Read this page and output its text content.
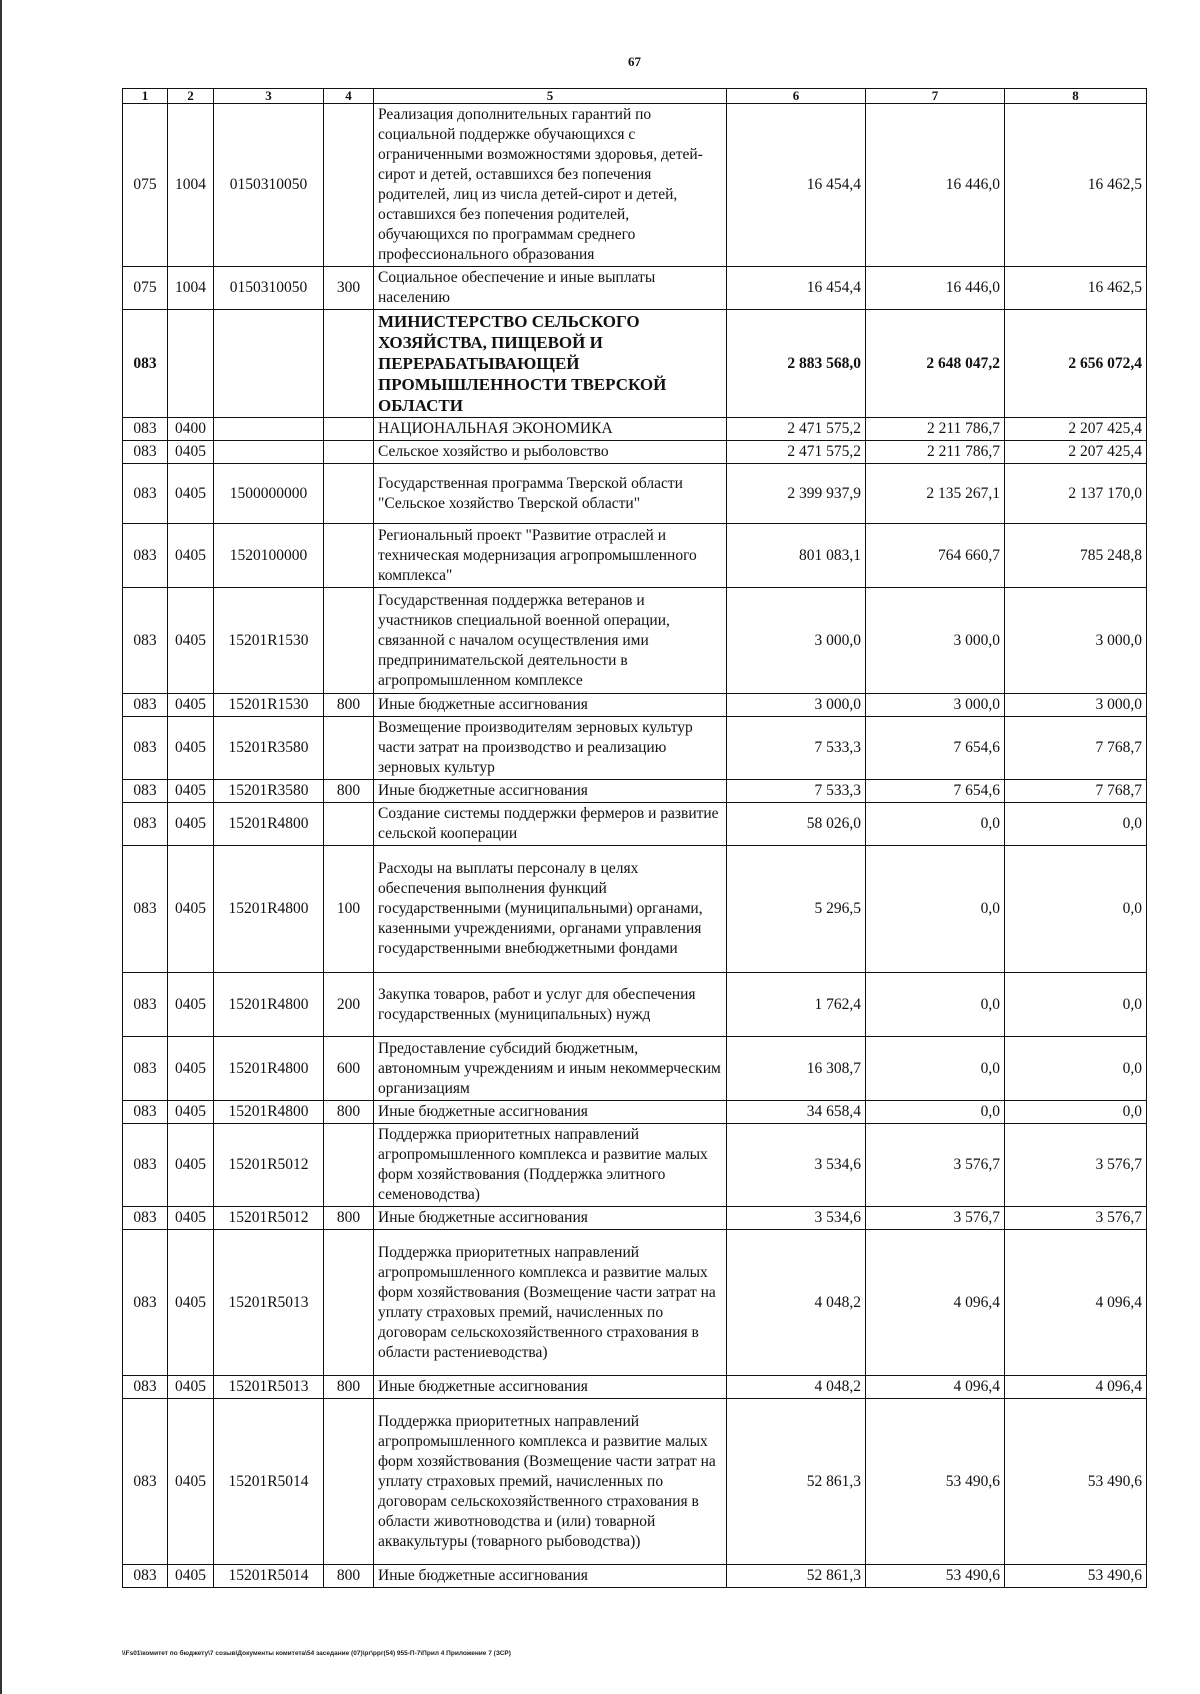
67
1	2	3	4	5	6	7	8
075	1004	0150310050		Реализация дополнительных гарантий по социальной поддержке обучающихся с ограниченными возможностями здоровья, детей-сирот и детей, оставшихся без попечения родителей, лиц из числа детей-сирот и детей, оставшихся без попечения родителей, обучающихся по программам среднего профессионального образования	16 454,4	16 446,0	16 462,5
075	1004	0150310050	300	Социальное обеспечение и иные выплаты населению	16 454,4	16 446,0	16 462,5
083				МИНИСТЕРСТВО СЕЛЬСКОГО ХОЗЯЙСТВА, ПИЩЕВОЙ И ПЕРЕРАБАТЫВАЮЩЕЙ ПРОМЫШЛЕННОСТИ ТВЕРСКОЙ ОБЛАСТИ	2 883 568,0	2 648 047,2	2 656 072,4
083	0400			НАЦИОНАЛЬНАЯ ЭКОНОМИКА	2 471 575,2	2 211 786,7	2 207 425,4
083	0405			Сельское хозяйство и рыболовство	2 471 575,2	2 211 786,7	2 207 425,4
083	0405	1500000000		Государственная программа Тверской области "Сельское хозяйство Тверской области"	2 399 937,9	2 135 267,1	2 137 170,0
083	0405	1520100000		Региональный проект "Развитие отраслей и техническая модернизация агропромышленного комплекса"	801 083,1	764 660,7	785 248,8
083	0405	15201R1530		Государственная поддержка ветеранов и участников специальной военной операции, связанной с началом осуществления ими предпринимательской деятельности в агропромышленном комплексе	3 000,0	3 000,0	3 000,0
083	0405	15201R1530	800	Иные бюджетные ассигнования	3 000,0	3 000,0	3 000,0
083	0405	15201R3580		Возмещение производителям зерновых культур части затрат на производство и реализацию зерновых культур	7 533,3	7 654,6	7 768,7
083	0405	15201R3580	800	Иные бюджетные ассигнования	7 533,3	7 654,6	7 768,7
083	0405	15201R4800		Создание системы поддержки фермеров и развитие сельской кооперации	58 026,0	0,0	0,0
083	0405	15201R4800	100	Расходы на выплаты персоналу в целях обеспечения выполнения функций государственными (муниципальными) органами, казенными учреждениями, органами управления государственными внебюджетными фондами	5 296,5	0,0	0,0
083	0405	15201R4800	200	Закупка товаров, работ и услуг для обеспечения государственных (муниципальных) нужд	1 762,4	0,0	0,0
083	0405	15201R4800	600	Предоставление субсидий бюджетным, автономным учреждениям и иным некоммерческим организациям	16 308,7	0,0	0,0
083	0405	15201R4800	800	Иные бюджетные ассигнования	34 658,4	0,0	0,0
083	0405	15201R5012		Поддержка приоритетных направлений агропромышленного комплекса и развитие малых форм хозяйствования (Поддержка элитного семеноводства)	3 534,6	3 576,7	3 576,7
083	0405	15201R5012	800	Иные бюджетные ассигнования	3 534,6	3 576,7	3 576,7
083	0405	15201R5013		Поддержка приоритетных направлений агропромышленного комплекса и развитие малых форм хозяйствования (Возмещение части затрат на уплату страховых премий, начисленных по договорам сельскохозяйственного страхования в области растениеводства)	4 048,2	4 096,4	4 096,4
083	0405	15201R5013	800	Иные бюджетные ассигнования	4 048,2	4 096,4	4 096,4
083	0405	15201R5014		Поддержка приоритетных направлений агропромышленного комплекса и развитие малых форм хозяйствования (Возмещение части затрат на уплату страховых премий, начисленных по договорам сельскохозяйственного страхования в области животноводства и (или) товарной аквакультуры (товарного рыбоводства))	52 861,3	53 490,6	53 490,6
083	0405	15201R5014	800	Иные бюджетные ассигнования	52 861,3	53 490,6	53 490,6
\\Fs01\комитет по бюджету\7 созыв\Документы комитета\54 заседание (07)\рг\ррг(54) 955-П-7\Прил 4 Приложение 7 (ЗСР)
